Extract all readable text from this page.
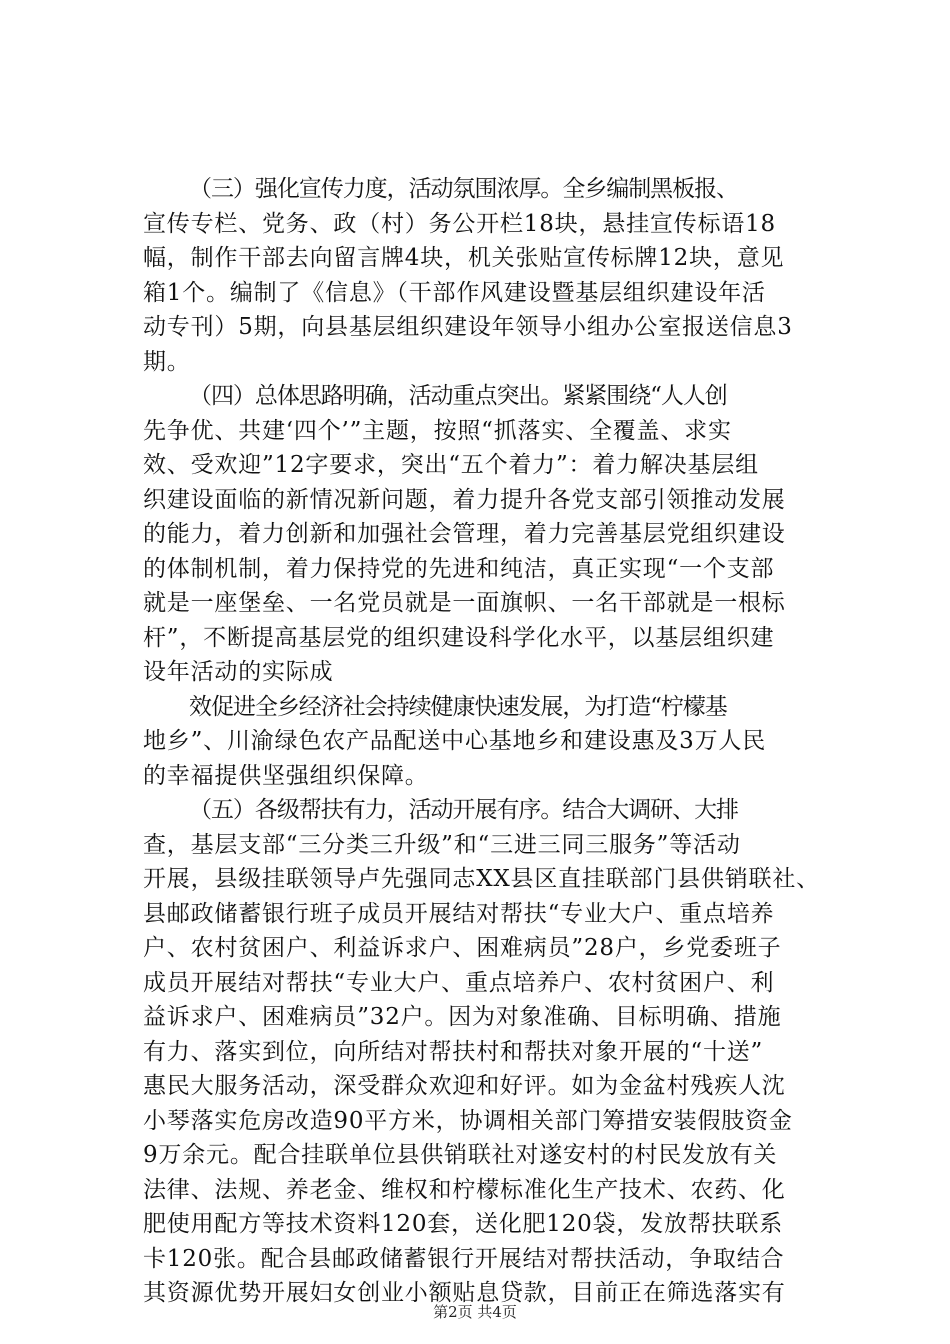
（三）强化宣传力度，活动氛围浓厚。全乡编制黑板报、
宣传专栏、党务、政（村）务公开栏18块，悬挂宣传标语18
幅，制作干部去向留言牌4块，机关张贴宣传标牌12块，意见
箱1个。编制了《信息》（干部作风建设暨基层组织建设年活
动专刊）5期，向县基层组织建设年领导小组办公室报送信息3
期。
（四）总体思路明确，活动重点突出。紧紧围绕“人人创
先争优、共建‘四个’”主题，按照“抓落实、全覆盖、求实
效、受欢迎”12字要求，突出“五个着力”：着力解决基层组
织建设面临的新情况新问题，着力提升各党支部引领推动发展
的能力，着力创新和加强社会管理，着力完善基层党组织建设
的体制机制，着力保持党的先进和纯洁，真正实现“一个支部
就是一座堡垒、一名党员就是一面旗帜、一名干部就是一根标
杆”，不断提高基层党的组织建设科学化水平，以基层组织建
设年活动的实际成
效促进全乡经济社会持续健康快速发展，为打造“柠檬基
地乡”、川渝绿色农产品配送中心基地乡和建设惠及3万人民
的幸福提供坚强组织保障。
（五）各级帮扶有力，活动开展有序。结合大调研、大排
查，基层支部“三分类三升级”和“三进三同三服务”等活动
开展，县级挂联领导卢先强同志XX县区直挂联部门县供销联社、
县邮政储蓄银行班子成员开展结对帮扶“专业大户、重点培养
户、农村贫困户、利益诉求户、困难病员”28户，乡党委班子
成员开展结对帮扶“专业大户、重点培养户、农村贫困户、利
益诉求户、困难病员”32户。因为对象准确、目标明确、措施
有力、落实到位，向所结对帮扶村和帮扶对象开展的“十送”
惠民大服务活动，深受群众欢迎和好评。如为金盆村残疾人沈
小琴落实危房改造90平方米，协调相关部门筹措安装假肢资金
9万余元。配合挂联单位县供销联社对遂安村的村民发放有关
法律、法规、养老金、维权和柠檬标准化生产技术、农药、化
肥使用配方等技术资料120套，送化肥120袋，发放帮扶联系
卡120张。配合县邮政储蓄银行开展结对帮扶活动，争取结合
其资源优势开展妇女创业小额贴息贷款，目前正在筛选落实有
第2页 共4页
